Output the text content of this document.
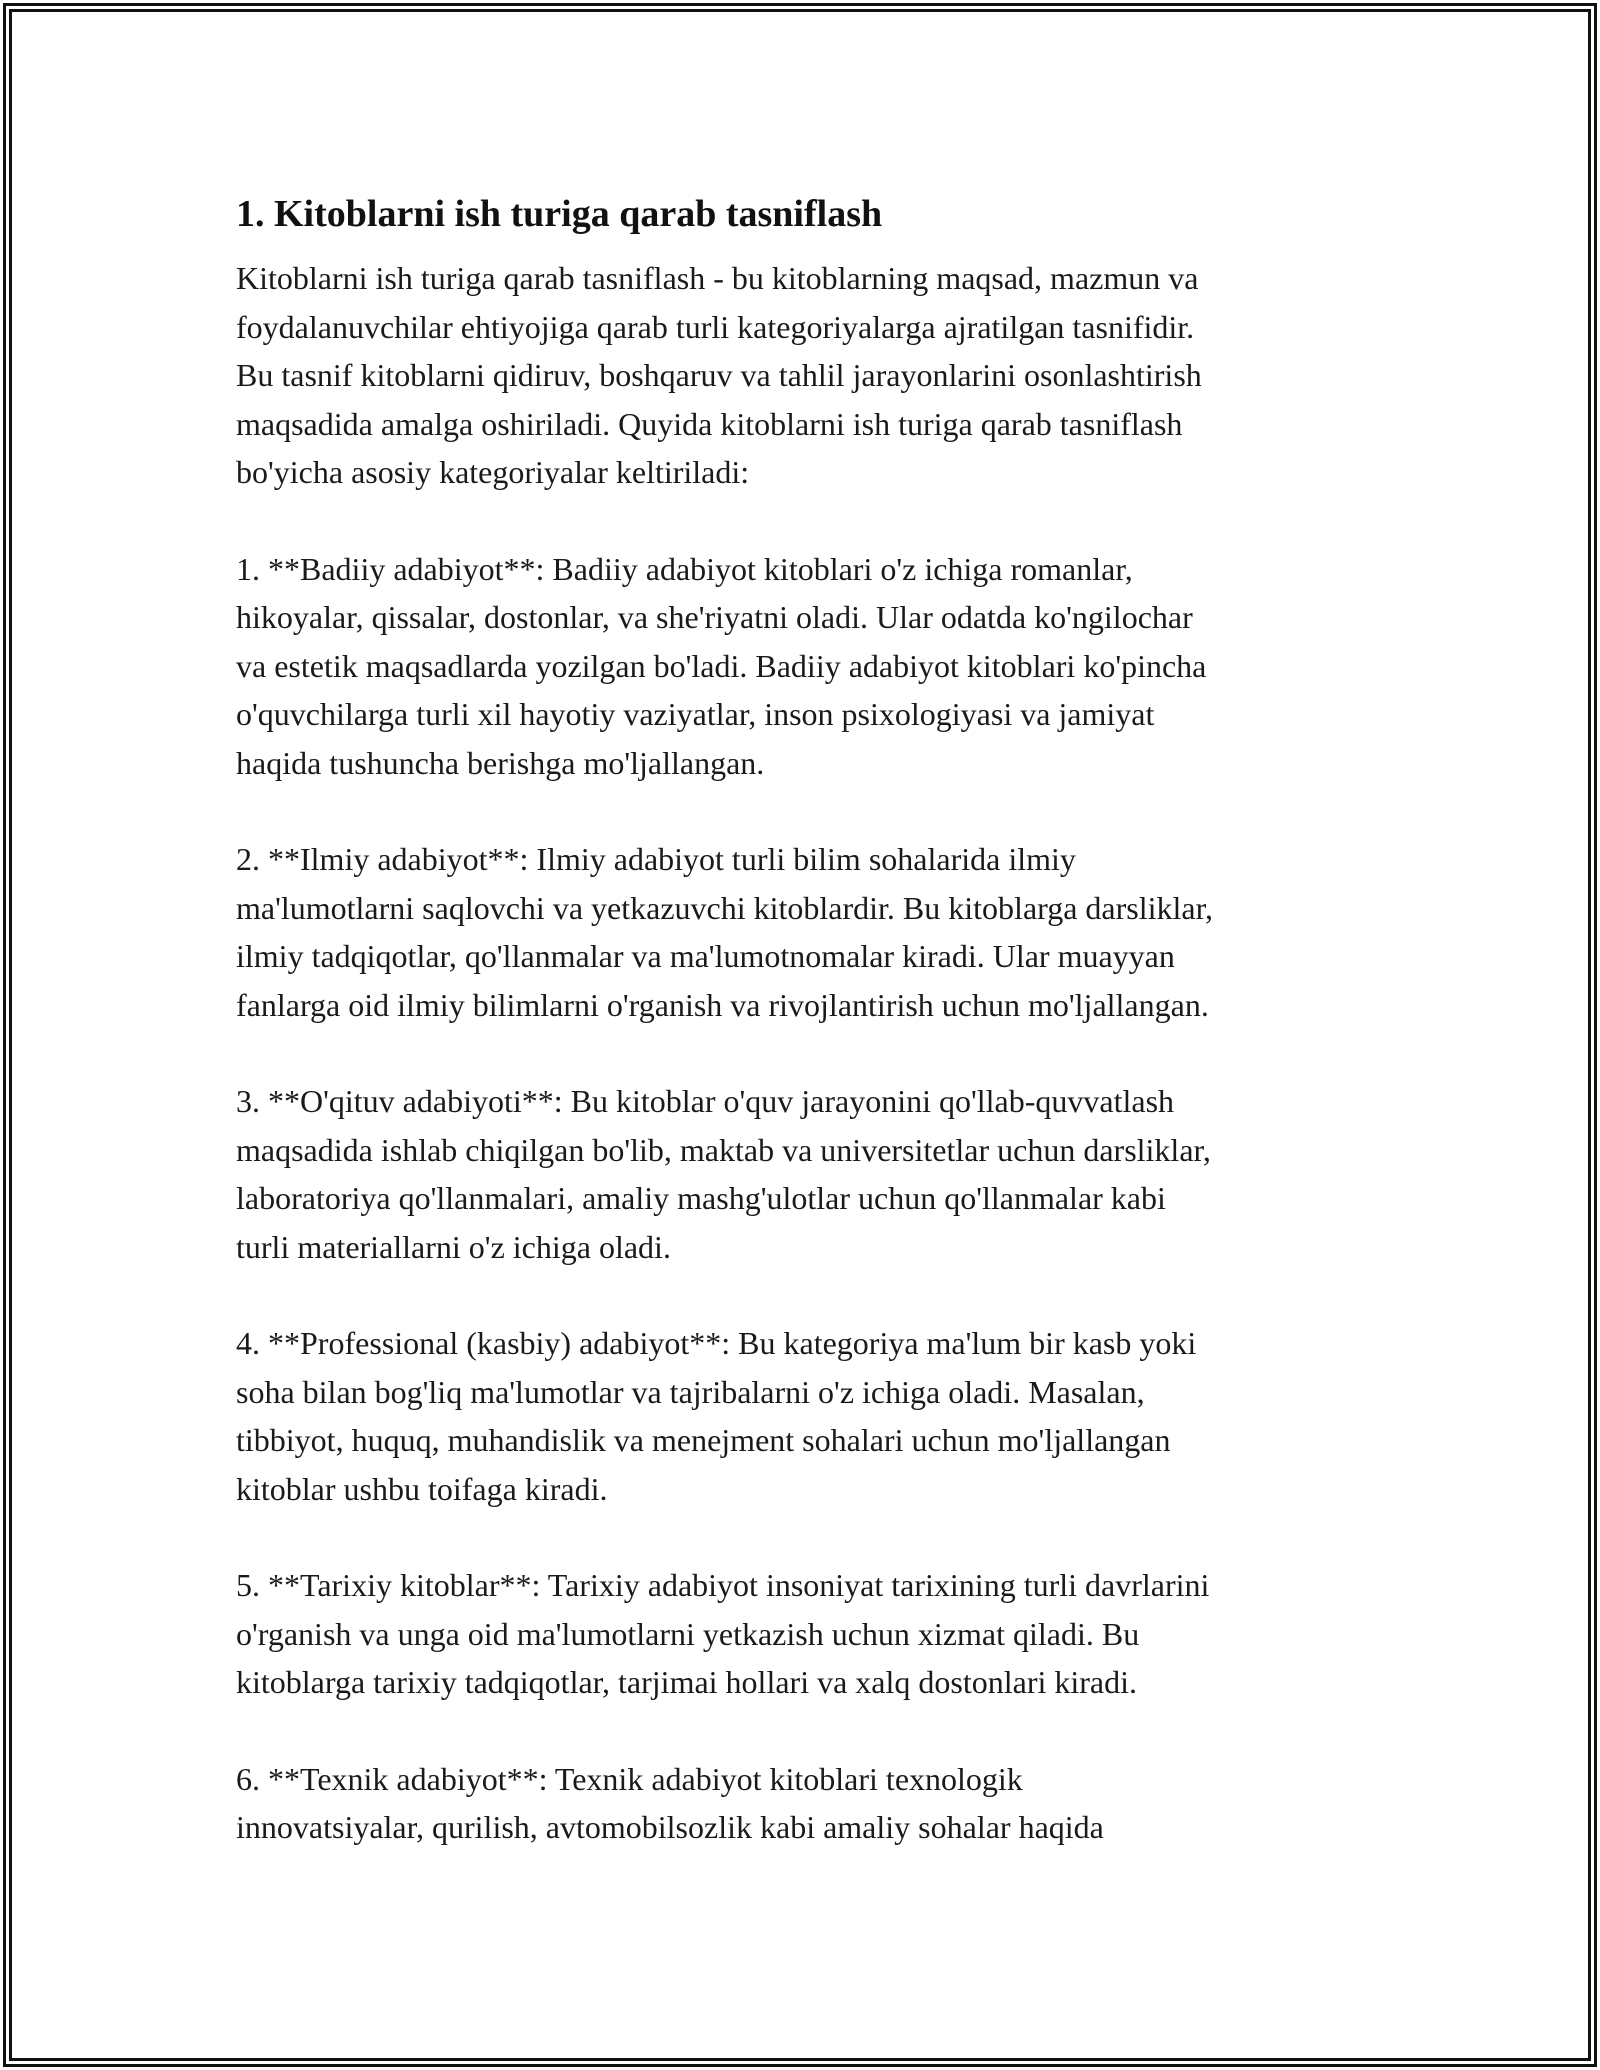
1. Kitoblarni ish turiga qarab tasniflash

Kitoblarni ish turiga qarab tasniflash - bu kitoblarning maqsad, mazmun va
foydalanuvchilar ehtiyojiga qarab turli kategoriyalarga ajratilgan tasnifidir.
Bu tasnif kitoblarni qidiruv, boshqaruv va tahlil jarayonlarini osonlashtirish
maqsadida amalga oshiriladi. Quyida kitoblarni ish turiga qarab tasniflash
bo'yicha asosiy kategoriyalar keltiriladi:

1. **Badiiy adabiyot**: Badiiy adabiyot kitoblari o'z ichiga romanlar,
hikoyalar, qissalar, dostonlar, va she'riyatni oladi. Ular odatda ko'ngilochar
va estetik maqsadlarda yozilgan bo'ladi. Badiiy adabiyot kitoblari ko'pincha
o'quvchilarga turli xil hayotiy vaziyatlar, inson psixologiyasi va jamiyat
haqida tushuncha berishga mo'ljallangan.

2. **Ilmiy adabiyot**: Ilmiy adabiyot turli bilim sohalarida ilmiy
ma'lumotlarni saqlovchi va yetkazuvchi kitoblardir. Bu kitoblarga darsliklar,
ilmiy tadqiqotlar, qo'llanmalar va ma'lumotnomalar kiradi. Ular muayyan
fanlarga oid ilmiy bilimlarni o'rganish va rivojlantirish uchun mo'ljallangan.

3. **O'qituv adabiyoti**: Bu kitoblar o'quv jarayonini qo'llab-quvvatlash
maqsadida ishlab chiqilgan bo'lib, maktab va universitetlar uchun darsliklar,
laboratoriya qo'llanmalari, amaliy mashg'ulotlar uchun qo'llanmalar kabi
turli materiallarni o'z ichiga oladi.

4. **Professional (kasbiy) adabiyot**: Bu kategoriya ma'lum bir kasb yoki
soha bilan bog'liq ma'lumotlar va tajribalarni o'z ichiga oladi. Masalan,
tibbiyot, huquq, muhandislik va menejment sohalari uchun mo'ljallangan
kitoblar ushbu toifaga kiradi.

5. **Tarixiy kitoblar**: Tarixiy adabiyot insoniyat tarixining turli davrlarini
o'rganish va unga oid ma'lumotlarni yetkazish uchun xizmat qiladi. Bu
kitoblarga tarixiy tadqiqotlar, tarjimai hollari va xalq dostonlari kiradi.

6. **Texnik adabiyot**: Texnik adabiyot kitoblari texnologik
innovatsiyalar, qurilish, avtomobilsozlik kabi amaliy sohalar haqida
